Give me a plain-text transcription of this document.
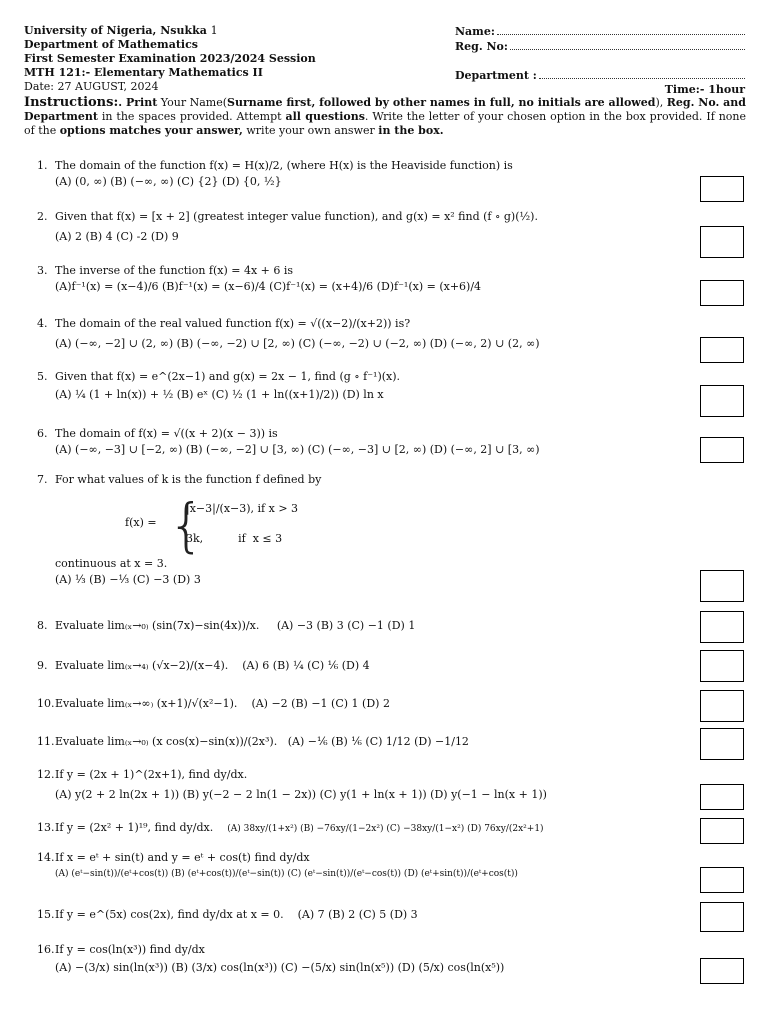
University of Nigeria, Nsukka 1
Department of Mathematics
First Semester Examination 2023/2024 Session
MTH 121:- Elementary Mathematics II
Date: 27 AUGUST, 2024
Name:
Reg. No:
Department :
Time:- 1hour
Instructions:. Print Your Name(Surname first, followed by other names in full, no initials are allowed), Reg. No. and Department in the spaces provided. Attempt all questions. Write the letter of your chosen option in the box provided. If none of the options matches your answer, write your own answer in the box.
1. The domain of the function f(x) = H(x)/2, (where H(x) is the Heaviside function) is
(A) (0, ∞) (B) (−∞, ∞) (C) {2} (D) {0, ½}
2. Given that f(x) = [x + 2] (greatest integer value function), and g(x) = x² find (f ∘ g)(½).
(A) 2 (B) 4 (C) -2 (D) 9
3. The inverse of the function f(x) = 4x + 6 is
(A)f⁻¹(x) = (x−4)/6 (B)f⁻¹(x) = (x−6)/4 (C)f⁻¹(x) = (x+4)/6 (D)f⁻¹(x) = (x+6)/4
4. The domain of the real valued function f(x) = √((x−2)/(x+2)) is?
(A) (−∞, −2] ∪ (2, ∞) (B) (−∞, −2) ∪ [2, ∞) (C) (−∞, −2) ∪ (−2, ∞) (D) (−∞, 2) ∪ (2, ∞)
5. Given that f(x) = e^(2x−1) and g(x) = 2x − 1, find (g ∘ f⁻¹)(x).
(A) ¼ (1 + ln(x)) + ½ (B) eˣ (C) ½ (1 + ln((x+1)/2)) (D) ln x
6. The domain of f(x) = √((x + 2)(x − 3)) is
(A) (−∞, −3] ∪ [−2, ∞) (B) (−∞, −2] ∪ [3, ∞) (C) (−∞, −3] ∪ [2, ∞) (D) (−∞, 2] ∪ [3, ∞)
7. For what values of k is the function f defined by
f(x) = {
|x−3|/(x−3), if x > 3
3k,          if  x ≤ 3
continuous at x = 3.
(A) ⅓ (B) −⅓ (C) −3 (D) 3
8. Evaluate lim₍ₓ→₀₎ (sin(7x)−sin(4x))/x. (A) −3 (B) 3 (C) −1 (D) 1
9. Evaluate lim₍ₓ→₄₎ (√x−2)/(x−4). (A) 6 (B) ¼ (C) ⅙ (D) 4
10.Evaluate lim₍ₓ→∞₎ (x+1)/√(x²−1). (A) −2 (B) −1 (C) 1 (D) 2
11.Evaluate lim₍ₓ→₀₎ (x cos(x)−sin(x))/(2x³). (A) −⅙ (B) ⅙ (C) 1/12 (D) −1/12
12.If y = (2x + 1)^(2x+1), find dy/dx.
(A) y(2 + 2 ln(2x + 1)) (B) y(−2 − 2 ln(1 − 2x)) (C) y(1 + ln(x + 1)) (D) y(−1 − ln(x + 1))
13.If y = (2x² + 1)¹⁹, find dy/dx. (A) 38xy/(1+x²) (B) −76xy/(1−2x²) (C) −38xy/(1−x²) (D) 76xy/(2x²+1)
14.If x = eᵗ + sin(t) and y = eᵗ + cos(t) find dy/dx
(A) (eᵗ−sin(t))/(eᵗ+cos(t)) (B) (eᵗ+cos(t))/(eᵗ−sin(t)) (C) (eᵗ−sin(t))/(eᵗ−cos(t)) (D) (eᵗ+sin(t))/(eᵗ+cos(t))
15.If y = e^(5x) cos(2x), find dy/dx at x = 0. (A) 7 (B) 2 (C) 5 (D) 3
16.If y = cos(ln(x³)) find dy/dx
(A) −(3/x) sin(ln(x³)) (B) (3/x) cos(ln(x³)) (C) −(5/x) sin(ln(x⁵)) (D) (5/x) cos(ln(x⁵))
